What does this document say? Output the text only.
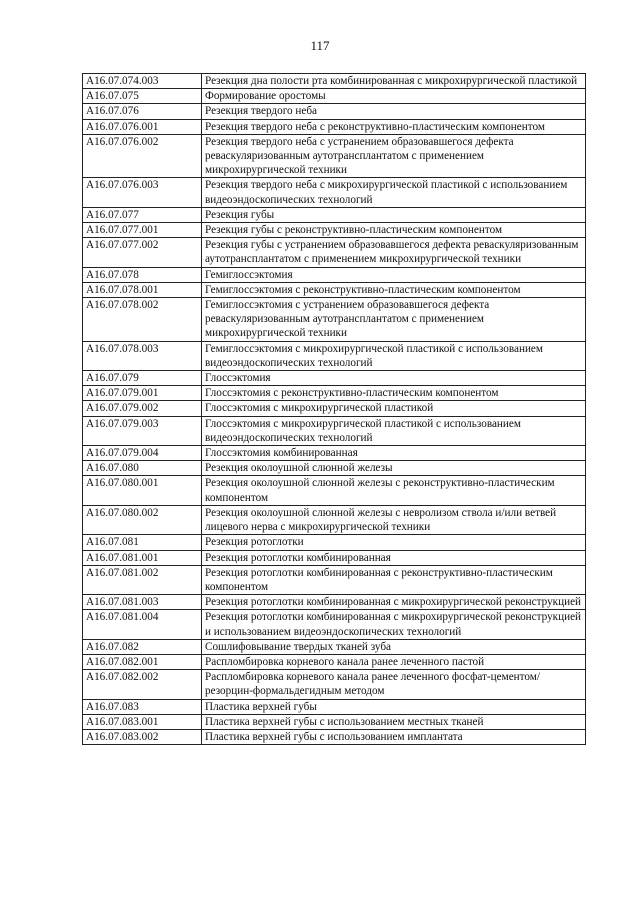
117
А16.07.074.003	Резекция дна полости рта комбинированная с микрохирургической пластикой
А16.07.075	Формирование оростомы
А16.07.076	Резекция твердого неба
А16.07.076.001	Резекция твердого неба с реконструктивно-пластическим компонентом
А16.07.076.002	Резекция твердого неба с устранением образовавшегося дефекта реваскуляризованным аутотрансплантатом с применением микрохирургической техники
А16.07.076.003	Резекция твердого неба с микрохирургической пластикой с использованием видеоэндоскопических технологий
А16.07.077	Резекция губы
А16.07.077.001	Резекция губы с реконструктивно-пластическим компонентом
А16.07.077.002	Резекция губы с устранением образовавшегося дефекта реваскуляризованным аутотрансплантатом с применением микрохирургической техники
А16.07.078	Гемиглоссэктомия
А16.07.078.001	Гемиглоссэктомия с реконструктивно-пластическим компонентом
А16.07.078.002	Гемиглоссэктомия с устранением образовавшегося дефекта реваскуляризованным аутотрансплантатом с применением микрохирургической техники
А16.07.078.003	Гемиглоссэктомия с микрохирургической пластикой с использованием видеоэндоскопических технологий
А16.07.079	Глоссэктомия
А16.07.079.001	Глоссэктомия с реконструктивно-пластическим компонентом
А16.07.079.002	Глоссэктомия с микрохирургической пластикой
А16.07.079.003	Глоссэктомия с микрохирургической пластикой с использованием видеоэндоскопических технологий
А16.07.079.004	Глоссэктомия комбинированная
А16.07.080	Резекция околоушной слюнной железы
А16.07.080.001	Резекция околоушной слюнной железы с реконструктивно-пластическим компонентом
А16.07.080.002	Резекция околоушной слюнной железы с невролизом ствола и/или ветвей лицевого нерва с микрохирургической техники
А16.07.081	Резекция ротоглотки
А16.07.081.001	Резекция ротоглотки комбинированная
А16.07.081.002	Резекция ротоглотки комбинированная с реконструктивно-пластическим компонентом
А16.07.081.003	Резекция ротоглотки комбинированная с микрохирургической реконструкцией
А16.07.081.004	Резекция ротоглотки комбинированная с микрохирургической реконструкцией и использованием видеоэндоскопических технологий
А16.07.082	Сошлифовывание твердых тканей зуба
А16.07.082.001	Распломбировка корневого канала ранее леченного пастой
А16.07.082.002	Распломбировка корневого канала ранее леченного фосфат-цементом/ резорцин-формальдегидным методом
А16.07.083	Пластика верхней губы
А16.07.083.001	Пластика верхней губы с использованием местных тканей
А16.07.083.002	Пластика верхней губы с использованием имплантата
